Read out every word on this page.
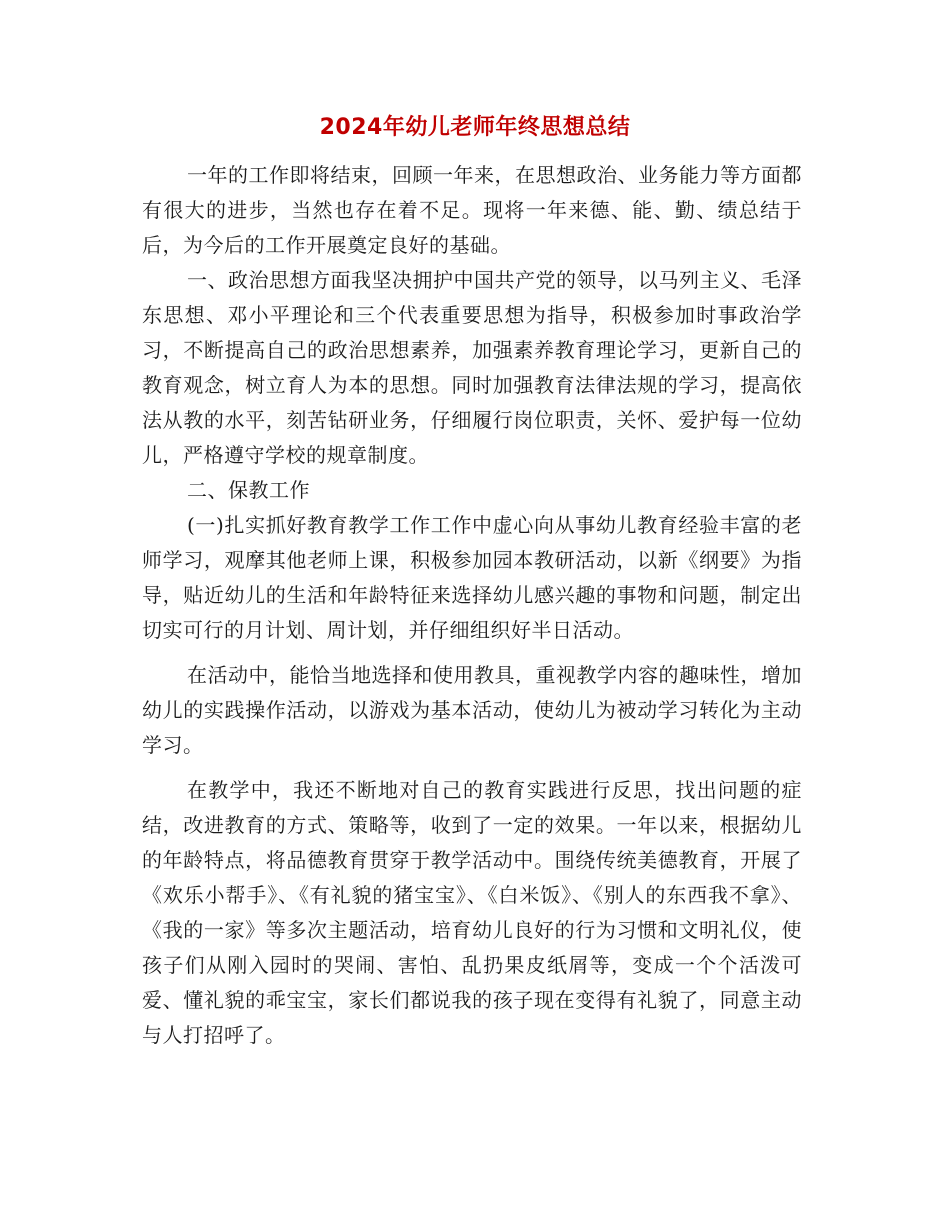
2024年幼儿老师年终思想总结

一年的工作即将结束，回顾一年来，在思想政治、业务能力等方面都有很大的进步，当然也存在着不足。现将一年来德、能、勤、绩总结于后，为今后的工作开展奠定良好的基础。

一、政治思想方面我坚决拥护中国共产党的领导，以马列主义、毛泽东思想、邓小平理论和三个代表重要思想为指导，积极参加时事政治学习，不断提高自己的政治思想素养，加强素养教育理论学习，更新自己的教育观念，树立育人为本的思想。同时加强教育法律法规的学习，提高依法从教的水平，刻苦钻研业务，仔细履行岗位职责，关怀、爱护每一位幼儿，严格遵守学校的规章制度。

二、保教工作

(一)扎实抓好教育教学工作工作中虚心向从事幼儿教育经验丰富的老师学习，观摩其他老师上课，积极参加园本教研活动，以新《纲要》为指导，贴近幼儿的生活和年龄特征来选择幼儿感兴趣的事物和问题，制定出切实可行的月计划、周计划，并仔细组织好半日活动。

在活动中，能恰当地选择和使用教具，重视教学内容的趣味性，增加幼儿的实践操作活动，以游戏为基本活动，使幼儿为被动学习转化为主动学习。

在教学中，我还不断地对自己的教育实践进行反思，找出问题的症结，改进教育的方式、策略等，收到了一定的效果。一年以来，根据幼儿的年龄特点，将品德教育贯穿于教学活动中。围绕传统美德教育，开展了《欢乐小帮手》、《有礼貌的猪宝宝》、《白米饭》、《别人的东西我不拿》、《我的一家》等多次主题活动，培育幼儿良好的行为习惯和文明礼仪，使孩子们从刚入园时的哭闹、害怕、乱扔果皮纸屑等，变成一个个活泼可爱、懂礼貌的乖宝宝，家长们都说我的孩子现在变得有礼貌了，同意主动与人打招呼了。
